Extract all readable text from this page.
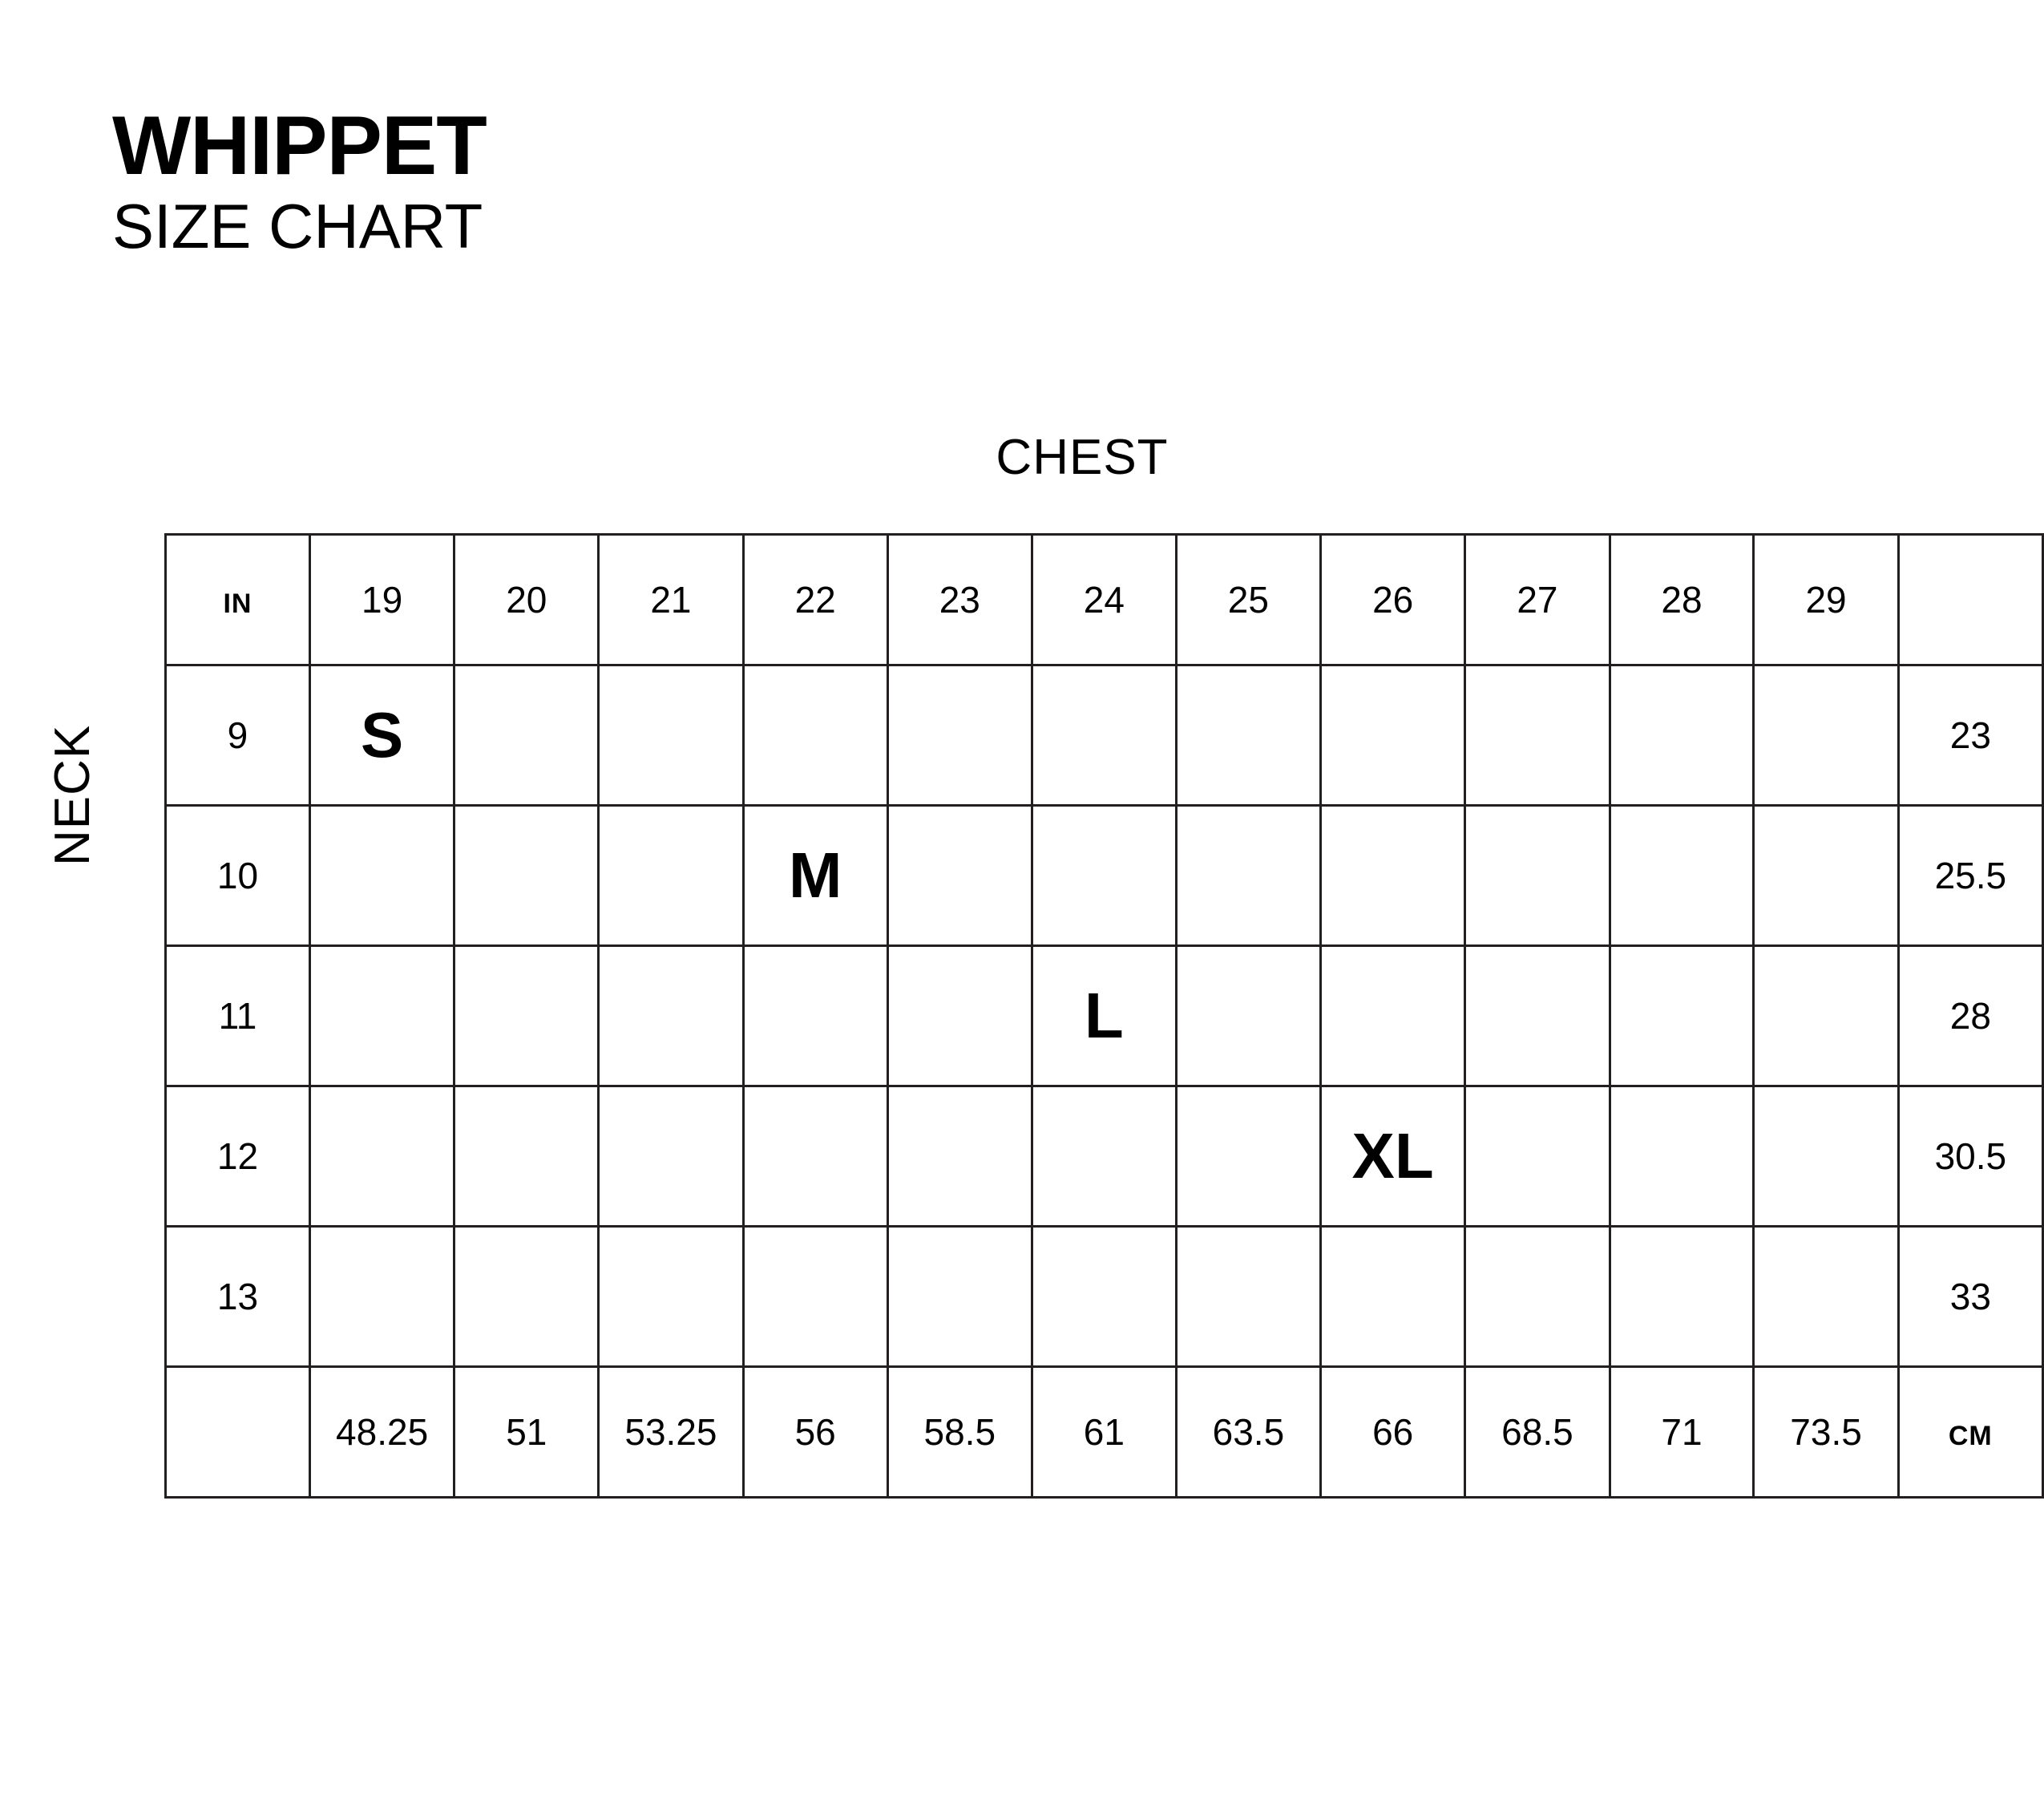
WHIPPET
SIZE CHART
CHEST
NECK
IN	19	20	21	22	23	24	25	26	27	28	29	
9	S											23
10				M								25.5
11						L						28
12								XL				30.5
13												33
	48.25	51	53.25	56	58.5	61	63.5	66	68.5	71	73.5	CM
